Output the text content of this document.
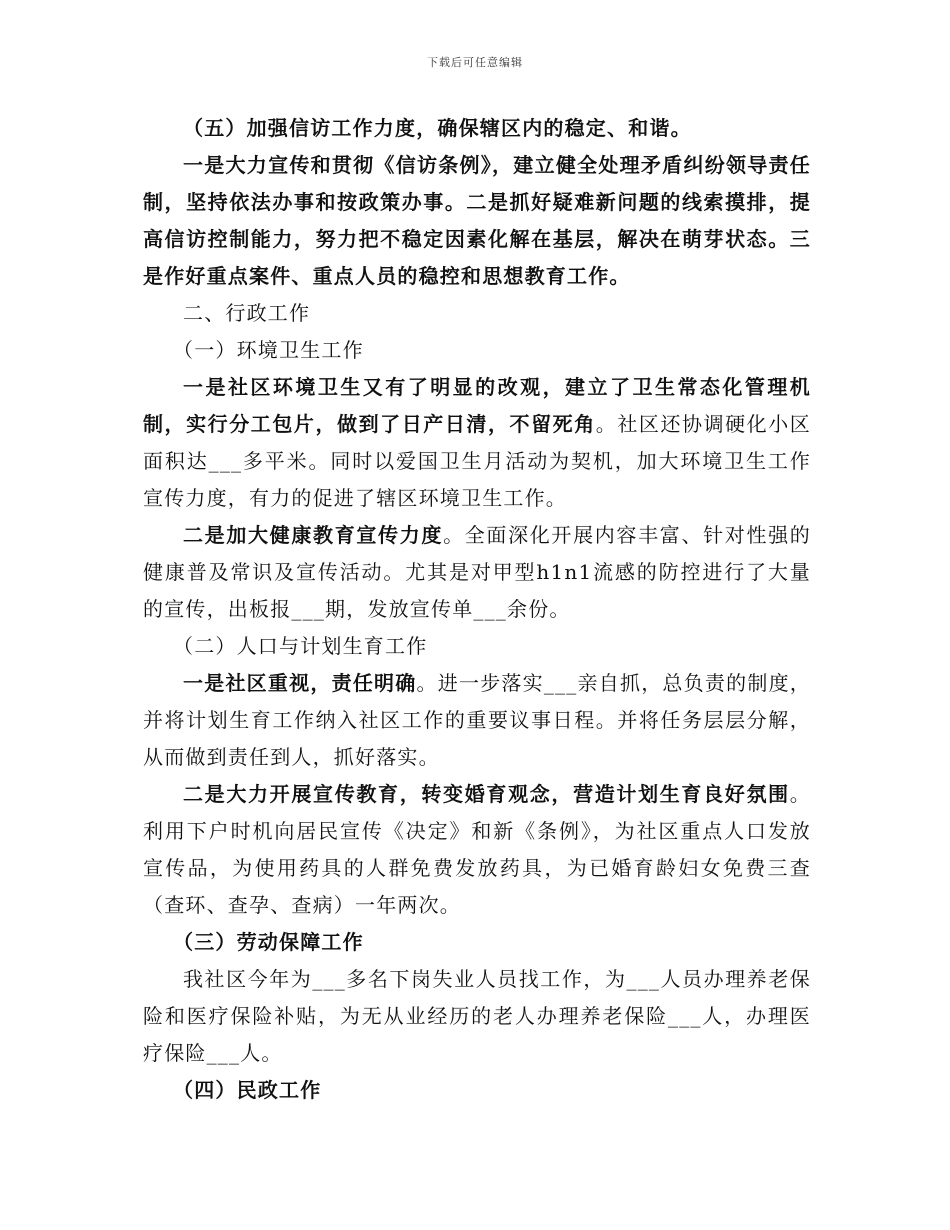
下载后可任意编辑

（五）加强信访工作力度，确保辖区内的稳定、和谐。

一是大力宣传和贯彻《信访条例》，建立健全处理矛盾纠纷领导责任制，坚持依法办事和按政策办事。二是抓好疑难新问题的线索摸排，提高信访控制能力，努力把不稳定因素化解在基层，解决在萌芽状态。三是作好重点案件、重点人员的稳控和思想教育工作。

二、行政工作

（一）环境卫生工作

一是社区环境卫生又有了明显的改观，建立了卫生常态化管理机制，实行分工包片，做到了日产日清，不留死角。社区还协调硬化小区面积达___多平米。同时以爱国卫生月活动为契机，加大环境卫生工作宣传力度，有力的促进了辖区环境卫生工作。

二是加大健康教育宣传力度。全面深化开展内容丰富、针对性强的健康普及常识及宣传活动。尤其是对甲型h1n1流感的防控进行了大量的宣传，出板报___期，发放宣传单___余份。

（二）人口与计划生育工作

一是社区重视，责任明确。进一步落实___亲自抓，总负责的制度，并将计划生育工作纳入社区工作的重要议事日程。并将任务层层分解，从而做到责任到人，抓好落实。

二是大力开展宣传教育，转变婚育观念，营造计划生育良好氛围。利用下户时机向居民宣传《决定》和新《条例》，为社区重点人口发放宣传品，为使用药具的人群免费发放药具，为已婚育龄妇女免费三查（查环、查孕、查病）一年两次。

（三）劳动保障工作

我社区今年为___多名下岗失业人员找工作，为___人员办理养老保险和医疗保险补贴，为无从业经历的老人办理养老保险___人，办理医疗保险___人。

（四）民政工作
